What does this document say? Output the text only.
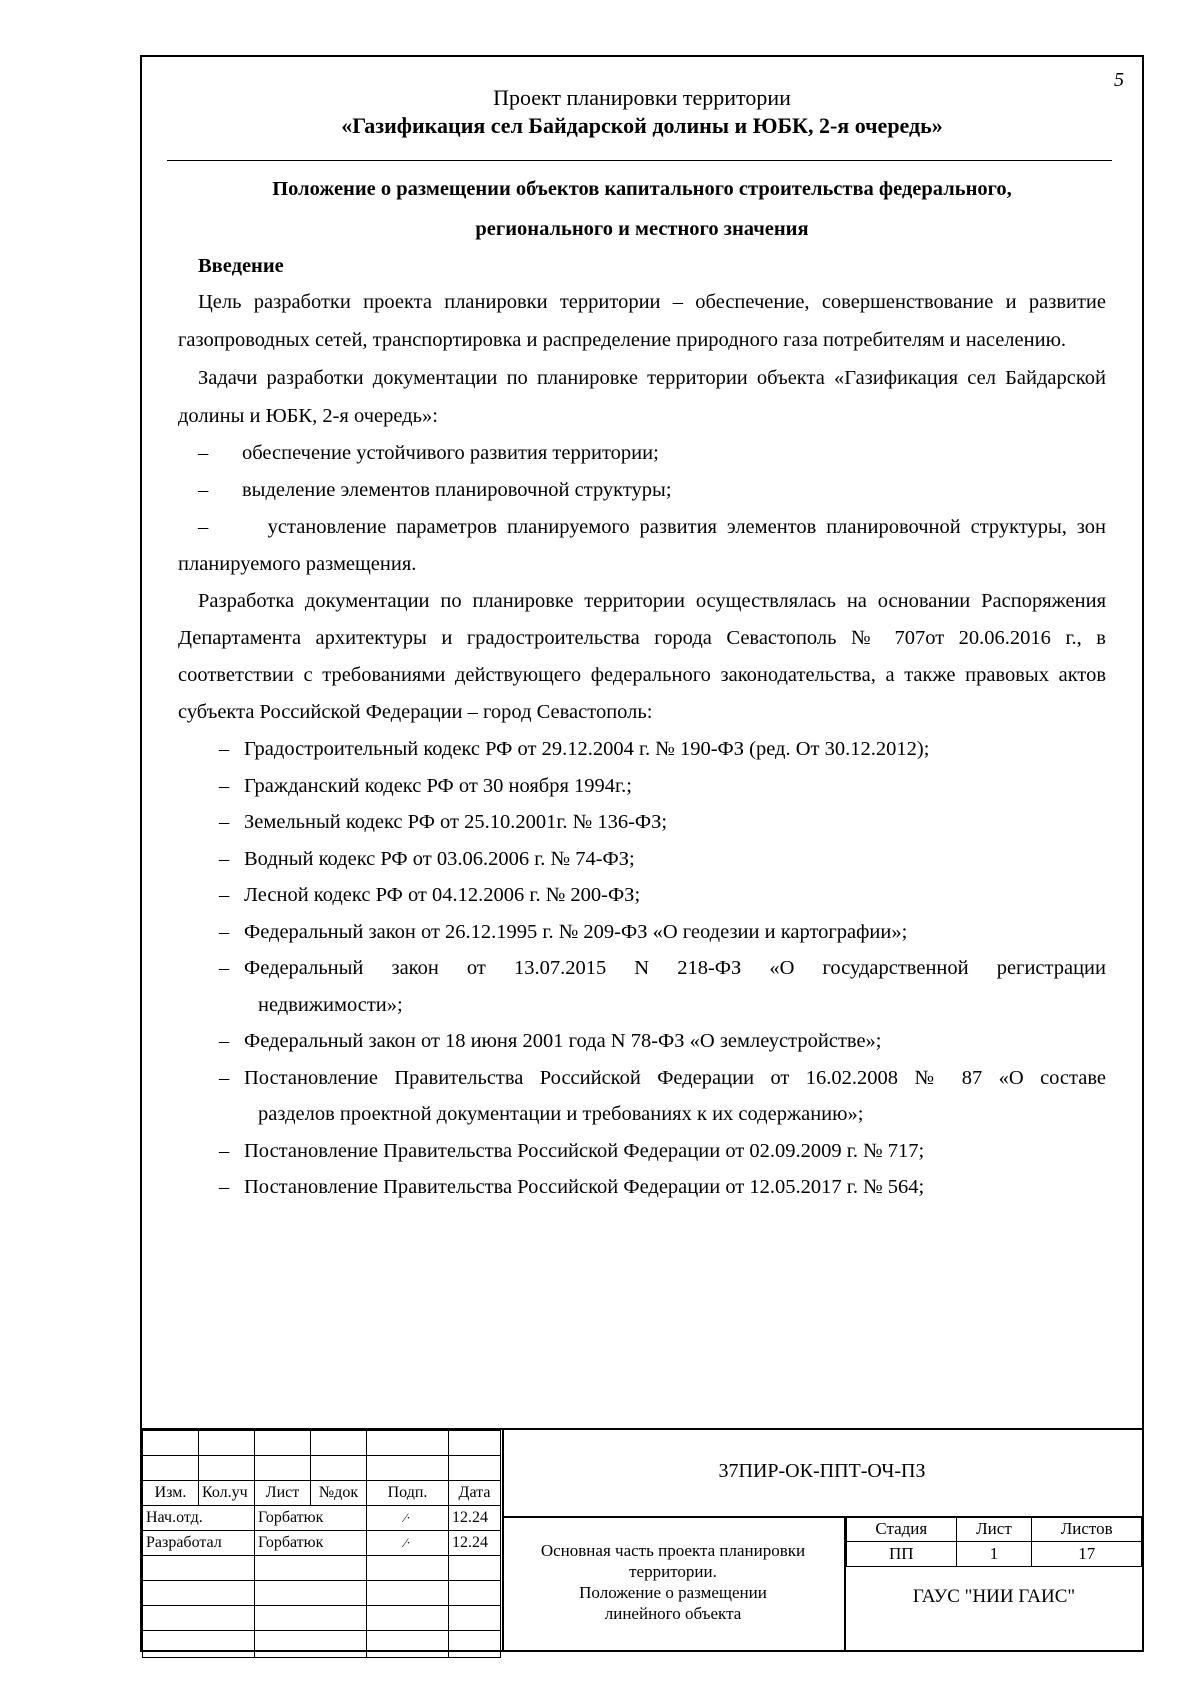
5
Проект планировки территории
«Газификация сел Байдарской долины и ЮБК, 2-я очередь»

Положение о размещении объектов капитального строительства федерального,

регионального и местного значения

Введение

Цель разработки проекта планировки территории – обеспечение, совершенствование и развитие газопроводных сетей, транспортировка и распределение природного газа потребителям и населению.

Задачи разработки документации по планировке территории объекта «Газификация сел Байдарской долины и ЮБК, 2-я очередь»:

–	обеспечение устойчивого развития территории;
–	выделение элементов планировочной структуры;

–      установление параметров планируемого развития элементов планировочной структуры, зон планируемого размещения.

Разработка документации по планировке территории осуществлялась на основании Распоряжения Департамента архитектуры и градостроительства города Севастополь № 707от 20.06.2016 г., в соответствии с требованиями действующего федерального законодательства, а также правовых актов субъекта Российской Федерации – город Севастополь:

– Градостроительный кодекс РФ от 29.12.2004 г. № 190-ФЗ (ред. От 30.12.2012);
– Гражданский кодекс РФ от 30 ноября 1994г.;
– Земельный кодекс РФ от 25.10.2001г. № 136-ФЗ;
– Водный кодекс РФ от 03.06.2006 г. № 74-ФЗ;
– Лесной кодекс РФ от 04.12.2006 г. № 200-ФЗ;
– Федеральный закон от 26.12.1995 г. № 209-ФЗ «О геодезии и картографии»;
– Федеральный закон от 13.07.2015 N 218-ФЗ «О государственной регистрации
недвижимости»;
– Федеральный закон от 18 июня 2001 года N 78-ФЗ «О землеустройстве»;
– Постановление Правительства Российской Федерации от 16.02.2008 № 87 «О составе
разделов проектной документации и требованиях к их содержанию»;
– Постановление Правительства Российской Федерации от 02.09.2009 г. № 717;
– Постановление Правительства Российской Федерации от 12.05.2017 г. № 564;

Изм.	Кол.уч	Лист	№док	Подп.	Дата
Нач.отд.		Горбатюк		⁄·	12.24
Разработал		Горбатюк		⁄·	12.24

37ПИР-ОК-ППТ-ОЧ-ПЗ
Основная часть проекта планировки
территории.
Положение о размещении
линейного объекта
Стадия	Лист	Листов
ПП	1	17
ГАУС "НИИ ГАИС"
